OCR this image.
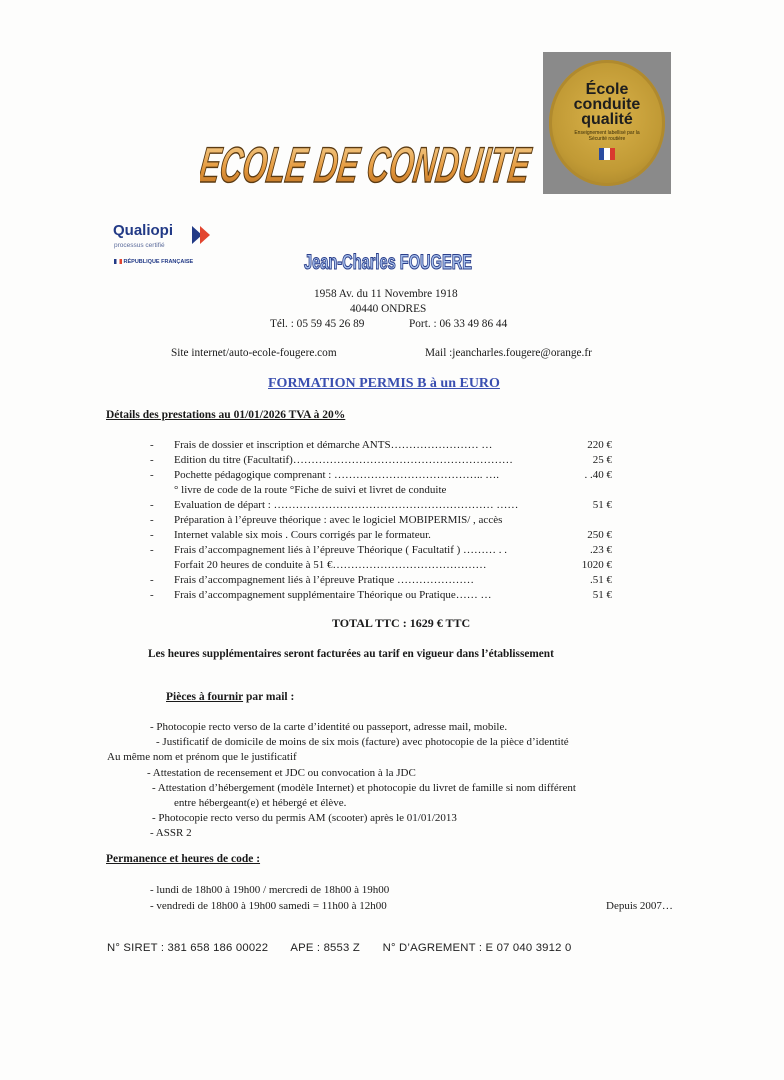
ECOLE DE CONDUITE
École
conduite
qualité
Enseignement labellisé par la Sécurité routière
Qualiopi
processus certifié
RÉPUBLIQUE FRANÇAISE	Jean-Charles FOUGERE
1958 Av. du 11 Novembre 1918
40440 ONDRES
Tél. : 05 59 45 26 89	Port. : 06 33 49 86 44
Site internet/auto-ecole-fougere.com	Mail :jeancharles.fougere@orange.fr
FORMATION PERMIS B à un EURO
Détails des prestations au 01/01/2026 TVA à 20%
- Frais de dossier et inscription et démarche ANTS…………………… …	220 €
- Edition du titre (Facultatif)……………………………………………………	25 €
- Pochette pédagogique comprenant : ………………………………….. ….	. .40 €
° livre de code de la route °Fiche de suivi et livret de conduite
- Evaluation de départ : …………………………………………………… ……	51 €
- Préparation à l’épreuve théorique : avec le logiciel MOBIPERMIS/ , accès
- Internet valable six mois . Cours corrigés par le formateur.	250 €
- Frais d’accompagnement liés à l’épreuve Théorique ( Facultatif ) ……… . .	.23 €
Forfait 20 heures de conduite à 51 €……………………………………	1020 €
- Frais d’accompagnement liés à l’épreuve Pratique …………………	.51 €
- Frais d’accompagnement supplémentaire Théorique ou Pratique…… …	51 €
TOTAL TTC : 1629 € TTC
Les heures supplémentaires seront facturées au tarif en vigueur dans l’établissement
Pièces à fournir par mail :
- Photocopie recto verso de la carte d’identité ou passeport, adresse mail, mobile.
- Justificatif de domicile de moins de six mois (facture) avec photocopie de la pièce d’identité
Au même nom et prénom que le justificatif
- Attestation de recensement et JDC ou convocation à la JDC
- Attestation d’hébergement (modèle Internet) et photocopie du livret de famille si nom différent
entre hébergeant(e) et hébergé et élève.
- Photocopie recto verso du permis AM (scooter) après le 01/01/2013
- ASSR 2
Permanence et heures de code :
- lundi de 18h00 à 19h00 / mercredi de 18h00 à 19h00
- vendredi de 18h00 à 19h00 samedi = 11h00 à 12h00	Depuis 2007…
N° SIRET : 381 658 186 00022 APE : 8553 Z N° D’AGREMENT : E 07 040 3912 0
